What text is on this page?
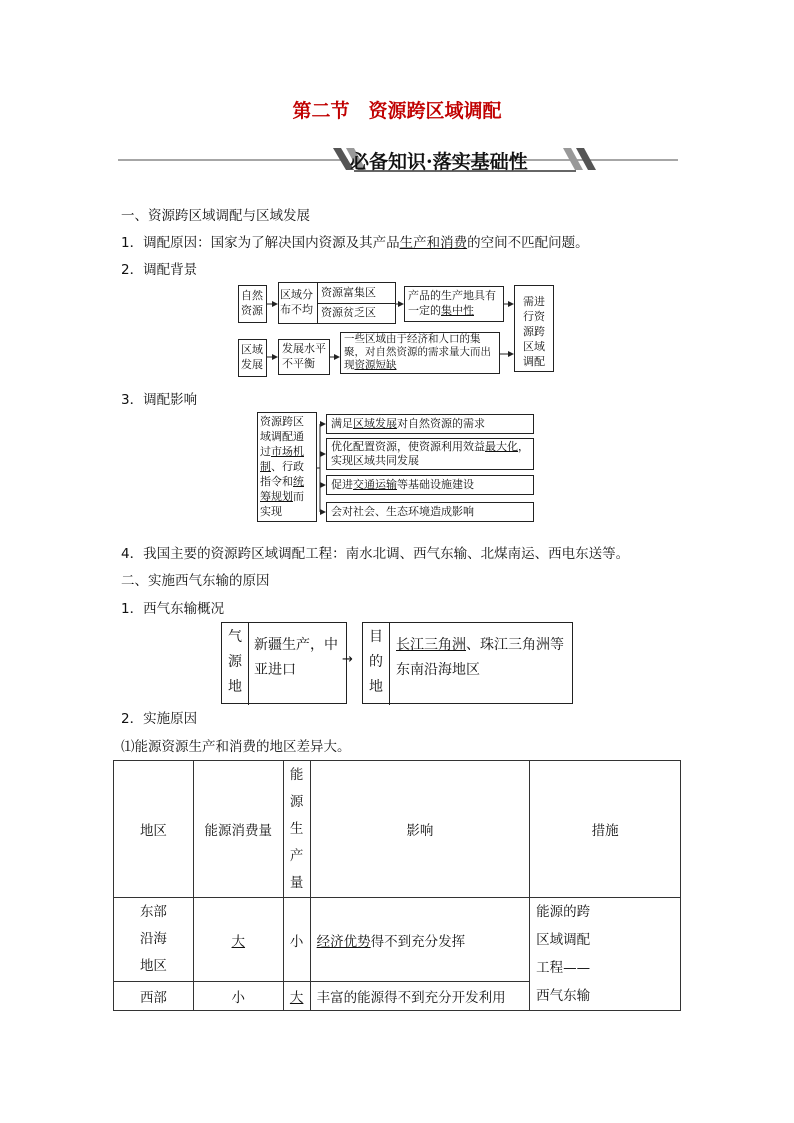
第二节　资源跨区域调配
必备知识·落实基础性
一、资源跨区域调配与区域发展
1．调配原因：国家为了解决国内资源及其产品生产和消费的空间不匹配问题。
2．调配背景
自然资源
区域分布不均
资源富集区
资源贫乏区
产品的生产地具有一定的集中性
需进行资源跨区域调配
区域发展
发展水平不平衡
一些区域由于经济和人口的集聚，对自然资源的需求量大而出现资源短缺
3．调配影响
资源跨区域调配通过市场机制、行政指令和统筹规划而实现
满足区域发展对自然资源的需求
优化配置资源，使资源利用效益最大化，实现区域共同发展
促进交通运输等基础设施建设
会对社会、生态环境造成影响
4．我国主要的资源跨区域调配工程：南水北调、西气东输、北煤南运、西电东送等。
二、实施西气东输的原因
1．西气东输概况
气源地
新疆生产，中亚进口
→
目的地
长江三角洲、珠江三角洲等
东南沿海地区
2．实施原因
⑴能源资源生产和消费的地区差异大。
地区	能源消费量	能源生产量	影响	措施

东部沿海地区	大	小	经济优势得不到充分发挥	能源的跨区域调配工程——西气东输

西部	小	大	丰富的能源得不到充分开发利用	
